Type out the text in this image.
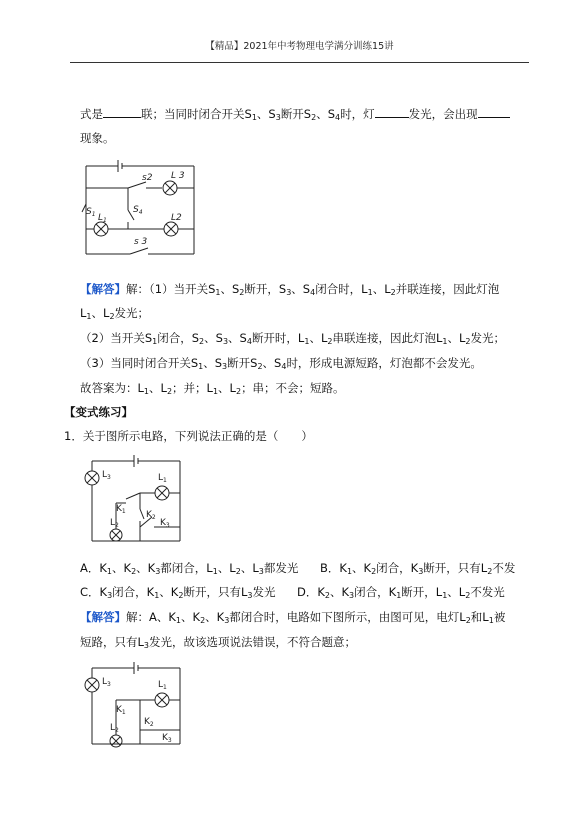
【精品】2021年中考物理电学满分训练15讲
式是	联；当同时闭合开关$S_1$、$S_3$断开$S_2$、$S_4$时，灯	发光，会出现
现象。
s2 L 3
$S_1$	$S_4$
$L_1$	L2
s 3
【解答】解：（1）当开关$S_1$、$S_2$断开，$S_3$、$S_4$闭合时，$L_1$、$L_2$并联连接，因此灯泡
$L_1$、$L_2$发光；
（2）当开关$S_1$闭合，$S_2$、$S_3$、$S_4$断开时，$L_1$、$L_2$串联连接，因此灯泡$L_1$、$L_2$发光；
（3）当同时闭合开关$S_1$、$S_3$断开$S_2$、$S_4$时，形成电源短路，灯泡都不会发光。
故答案为：$L_1$、$L_2$；并；$L_1$、$L_2$；串；不会；短路。
【变式练习】
1．关于图所示电路，下列说法正确的是（　　）
$L_3$	$L_1$
$K_1$
$L_2$
$K_2$
$K_3$
A．$K_1$、$K_2$、$K_3$都闭合，$L_1$、$L_2$、$L_3$都发光 B．$K_1$、$K_2$闭合，$K_3$断开，只有$L_2$不发
C．$K_3$闭合，$K_1$、$K_2$断开，只有$L_3$发光 D．$K_2$、$K_3$闭合，$K_1$断开，$L_1$、$L_2$不发光
【解答】解：A、$K_1$、$K_2$、$K_3$都闭合时，电路如下图所示，由图可见，电灯$L_2$和$L_1$被
短路，只有$L_3$发光，故该选项说法错误，不符合题意；
$L_3$	$L_1$
$K_1$
$L_2$
$K_2$
$K_3$
